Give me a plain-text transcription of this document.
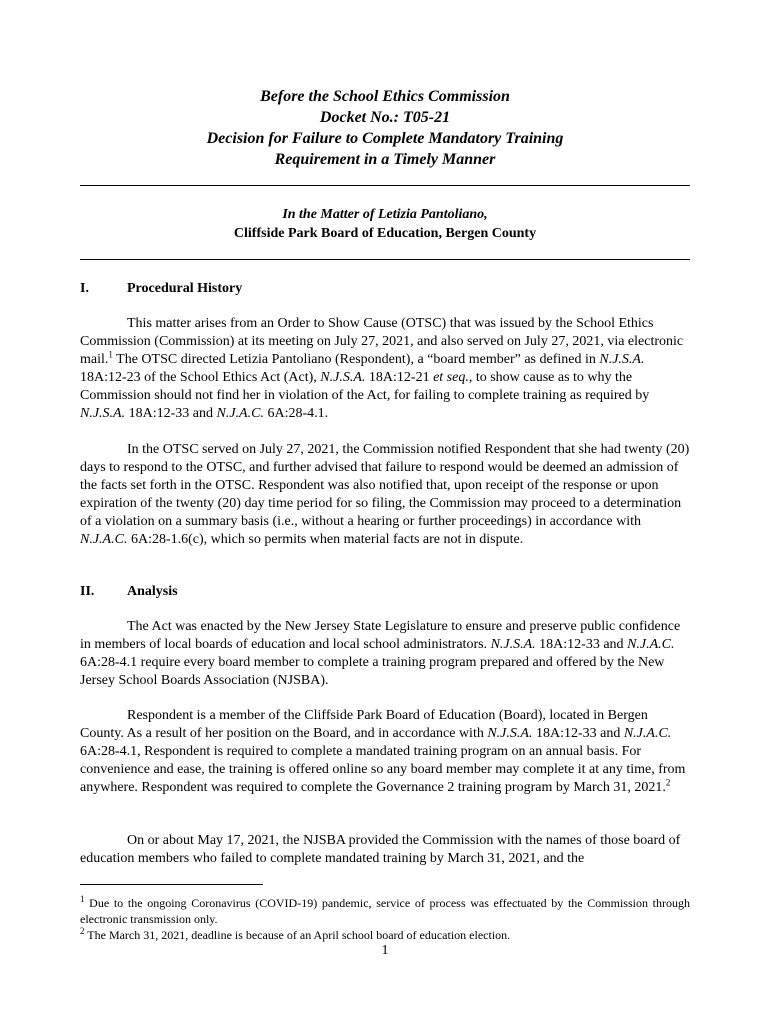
Before the School Ethics Commission
Docket No.: T05-21
Decision for Failure to Complete Mandatory Training
Requirement in a Timely Manner
In the Matter of Letizia Pantoliano,
Cliffside Park Board of Education, Bergen County
I.	Procedural History
This matter arises from an Order to Show Cause (OTSC) that was issued by the School Ethics Commission (Commission) at its meeting on July 27, 2021, and also served on July 27, 2021, via electronic mail.$^1$ The OTSC directed Letizia Pantoliano (Respondent), a “board member” as defined in N.J.S.A. 18A:12-23 of the School Ethics Act (Act), N.J.S.A. 18A:12-21 et seq., to show cause as to why the Commission should not find her in violation of the Act, for failing to complete training as required by N.J.S.A. 18A:12-33 and N.J.A.C. 6A:28-4.1.
In the OTSC served on July 27, 2021, the Commission notified Respondent that she had twenty (20) days to respond to the OTSC, and further advised that failure to respond would be deemed an admission of the facts set forth in the OTSC. Respondent was also notified that, upon receipt of the response or upon expiration of the twenty (20) day time period for so filing, the Commission may proceed to a determination of a violation on a summary basis (i.e., without a hearing or further proceedings) in accordance with N.J.A.C. 6A:28-1.6(c), which so permits when material facts are not in dispute.
II. Analysis
The Act was enacted by the New Jersey State Legislature to ensure and preserve public confidence in members of local boards of education and local school administrators. N.J.S.A. 18A:12-33 and N.J.A.C. 6A:28-4.1 require every board member to complete a training program prepared and offered by the New Jersey School Boards Association (NJSBA).
Respondent is a member of the Cliffside Park Board of Education (Board), located in Bergen County. As a result of her position on the Board, and in accordance with N.J.S.A. 18A:12-33 and N.J.A.C. 6A:28-4.1, Respondent is required to complete a mandated training program on an annual basis. For convenience and ease, the training is offered online so any board member may complete it at any time, from anywhere. Respondent was required to complete the Governance 2 training program by March 31, 2021.$^2$
On or about May 17, 2021, the NJSBA provided the Commission with the names of those board of education members who failed to complete mandated training by March 31, 2021, and the
$^1$ Due to the ongoing Coronavirus (COVID-19) pandemic, service of process was effectuated by the Commission through electronic transmission only.
$^2$ The March 31, 2021, deadline is because of an April school board of education election.
1
